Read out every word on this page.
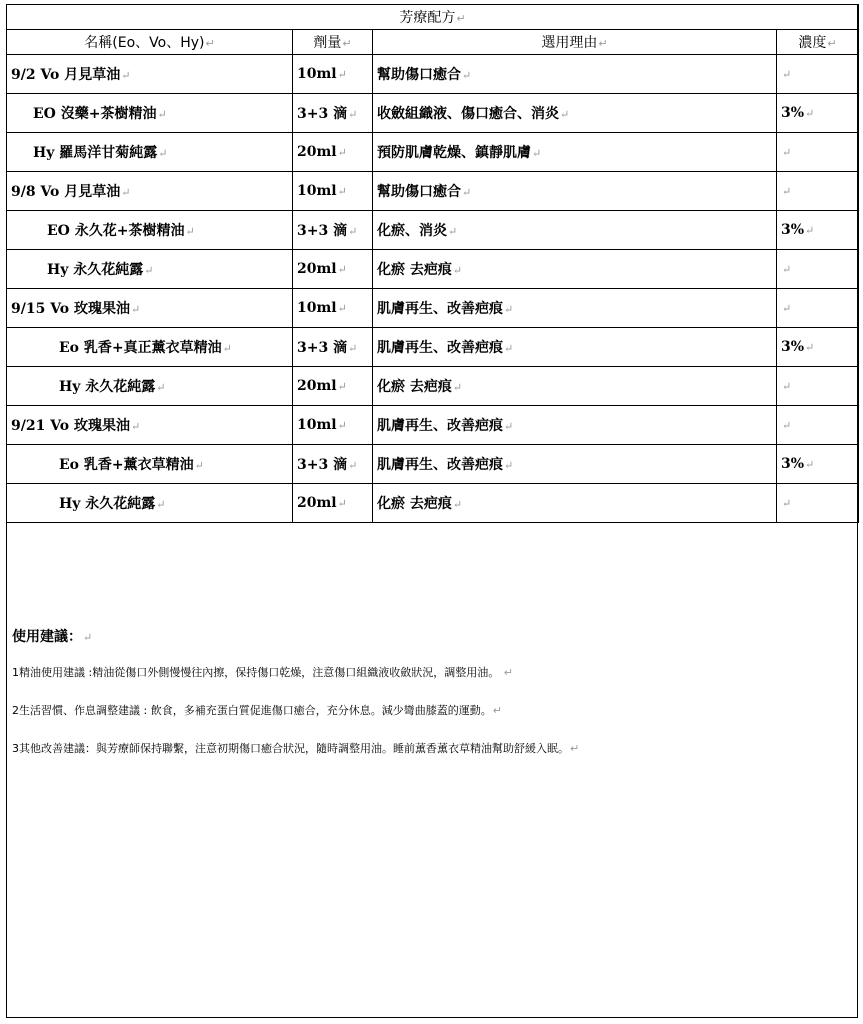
芳療配方↵			
名稱(Eo、Vo、Hy)↵	劑量↵	選用理由↵	濃度↵
9/2 Vo 月見草油↵	10ml↵	幫助傷口癒合↵	↵
EO 沒藥+茶樹精油↵	3+3 滴↵	收斂組織液、傷口癒合、消炎↵	3%↵
Hy 羅馬洋甘菊純露↵	20ml↵	預防肌膚乾燥、鎮靜肌膚↵	↵
9/8 Vo 月見草油↵	10ml↵	幫助傷口癒合↵	↵
EO 永久花+茶樹精油↵	3+3 滴↵	化瘀、消炎↵	3%↵
Hy 永久花純露↵	20ml↵	化瘀 去疤痕↵	↵
9/15 Vo 玫瑰果油↵	10ml↵	肌膚再生、改善疤痕↵	↵
Eo 乳香+真正薰衣草精油↵	3+3 滴↵	肌膚再生、改善疤痕↵	3%↵
Hy 永久花純露↵	20ml↵	化瘀 去疤痕↵	↵
9/21 Vo 玫瑰果油↵	10ml↵	肌膚再生、改善疤痕↵	↵
Eo 乳香+薰衣草精油↵	3+3 滴↵	肌膚再生、改善疤痕↵	3%↵
Hy 永久花純露↵	20ml↵	化瘀 去疤痕↵	↵
使用建議：↵
1精油使用建議 :精油從傷口外側慢慢往內擦，保持傷口乾燥，注意傷口組織液收斂狀況，調整用油。 ↵
2生活習慣、作息調整建議 : 飲食，多補充蛋白質促進傷口癒合，充分休息。減少彎曲膝蓋的運動。↵
3其他改善建議：與芳療師保持聯繫，注意初期傷口癒合狀況，隨時調整用油。睡前薰香薰衣草精油幫助舒緩入眠。↵
